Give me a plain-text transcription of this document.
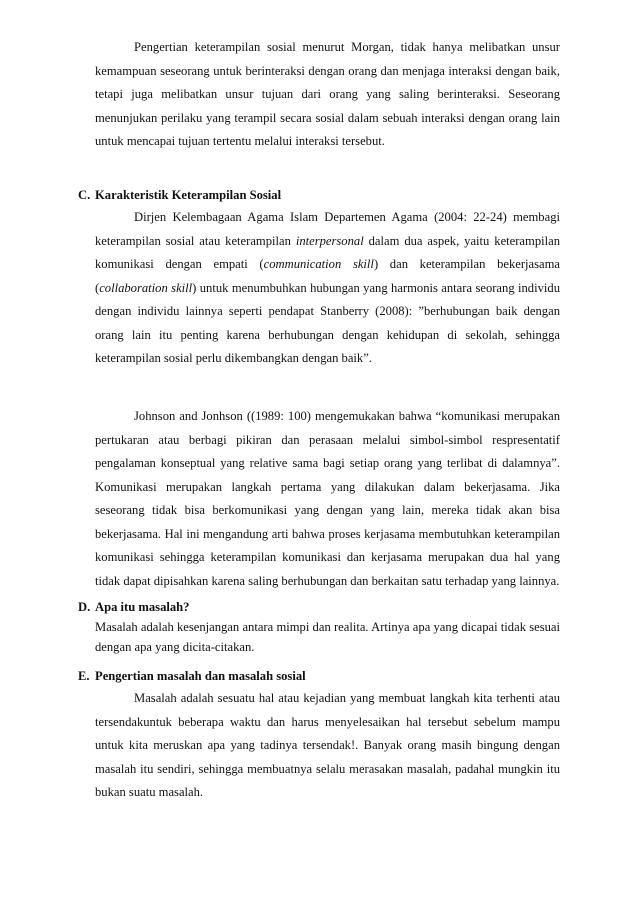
Pengertian keterampilan sosial menurut Morgan, tidak hanya melibatkan unsur kemampuan seseorang untuk berinteraksi dengan orang dan menjaga interaksi dengan baik, tetapi juga melibatkan unsur tujuan dari orang yang saling berinteraksi. Seseorang menunjukan perilaku yang terampil secara sosial dalam sebuah interaksi dengan orang lain untuk mencapai tujuan tertentu melalui interaksi tersebut.

C. Karakteristik Keterampilan Sosial

Dirjen Kelembagaan Agama Islam Departemen Agama (2004: 22-24) membagi keterampilan sosial atau keterampilan interpersonal dalam dua aspek, yaitu keterampilan komunikasi dengan empati (communication skill) dan keterampilan bekerjasama (collaboration skill) untuk menumbuhkan hubungan yang harmonis antara seorang individu dengan individu lainnya seperti pendapat Stanberry (2008): ”berhubungan baik dengan orang lain itu penting karena berhubungan dengan kehidupan di sekolah, sehingga keterampilan sosial perlu dikembangkan dengan baik”.

Johnson and Jonhson ((1989: 100) mengemukakan bahwa “komunikasi merupakan pertukaran atau berbagi pikiran dan perasaan melalui simbol-simbol respresentatif pengalaman konseptual yang relative sama bagi setiap orang yang terlibat di dalamnya”. Komunikasi merupakan langkah pertama yang dilakukan dalam bekerjasama. Jika seseorang tidak bisa berkomunikasi yang dengan yang lain, mereka tidak akan bisa bekerjasama. Hal ini mengandung arti bahwa proses kerjasama membutuhkan keterampilan komunikasi sehingga keterampilan komunikasi dan kerjasama merupakan dua hal yang tidak dapat dipisahkan karena saling berhubungan dan berkaitan satu terhadap yang lainnya.

D. Apa itu masalah?

Masalah adalah kesenjangan antara mimpi dan realita. Artinya apa yang dicapai tidak sesuai dengan apa yang dicita-citakan.

E. Pengertian masalah dan masalah sosial

Masalah adalah sesuatu hal atau kejadian yang membuat langkah kita terhenti atau tersendakuntuk beberapa waktu dan harus menyelesaikan hal tersebut sebelum mampu untuk kita meruskan apa yang tadinya tersendak!. Banyak orang masih bingung dengan masalah itu sendiri, sehingga membuatnya selalu merasakan masalah, padahal mungkin itu bukan suatu masalah.
